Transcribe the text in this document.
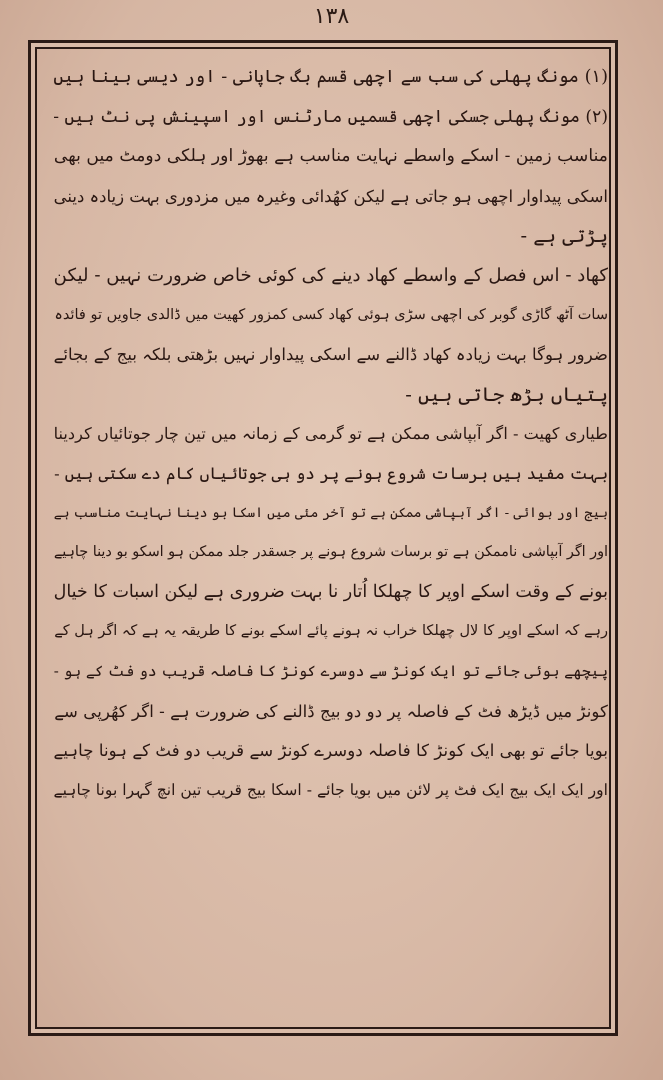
۱۳۸
(۱) مونگ پھلی کی سب سے اچھی قسم بگ جاپانی - اور دیسی بینا ہیں
(۲) مونگ پھلی جسکی اچھی قسمیں مارٹنس اور اسپینش پی نٹ ہیں -
مناسب زمین - اسکے واسطے نہایت مناسب ہے بھوڑ اور ہلکی دومٹ میں بھی
اسکی پیداوار اچھی ہو جاتی ہے لیکن کھُدائی وغیرہ میں مزدوری بہت زیادہ دینی
پڑتی ہے -
کھاد - اس فصل کے واسطے کھاد دینے کی کوئی خاص ضرورت نہیں - لیکن
سات آٹھ گاڑی گوبر کی اچھی سڑی ہوئی کھاد کسی کمزور کھیت میں ڈالدی جاویں تو فائدہ
ضرور ہوگا بہت زیادہ کھاد ڈالنے سے اسکی پیداوار نہیں بڑھتی بلکہ بیج کے بجائے
پتیاں بڑھ جاتی ہیں -
طیاری کھیت - اگر آبپاشی ممکن ہے تو گرمی کے زمانہ میں تین چار جوتائیاں کردینا
بہت مفید ہیں برسات شروع ہونے پر دو ہی جوتائیاں کام دے سکتی ہیں -
بیج اور بوائی - اگر آبپاشی ممکن ہے تو آخر مئی میں اسکا بو دینا نہایت مناسب ہے
اور اگر آبپاشی ناممکن ہے تو برسات شروع ہونے پر جسقدر جلد ممکن ہو اسکو بو دینا چاہیے
بونے کے وقت اسکے اوپر کا چھلکا اُتار نا بہت ضروری ہے لیکن اسبات کا خیال
رہے کہ اسکے اوپر کا لال چھلکا خراب نہ ہونے پائے اسکے بونے کا طریقہ یہ ہے کہ اگر ہل کے
پیچھے بوئی جائے تو ایک کونڑ سے دوسرے کونڑ کا فاصلہ قریب دو فٹ کے ہو -
کونڑ میں ڈیڑھ فٹ کے فاصلہ پر دو دو بیج ڈالنے کی ضرورت ہے - اگر کھُرپی سے
بویا جائے تو بھی ایک کونڑ کا فاصلہ دوسرے کونڑ سے قریب دو فٹ کے ہونا چاہیے
اور ایک ایک بیج ایک فٹ پر لائن میں بویا جائے - اسکا بیج قریب تین انچ گہرا بونا چاہیے
